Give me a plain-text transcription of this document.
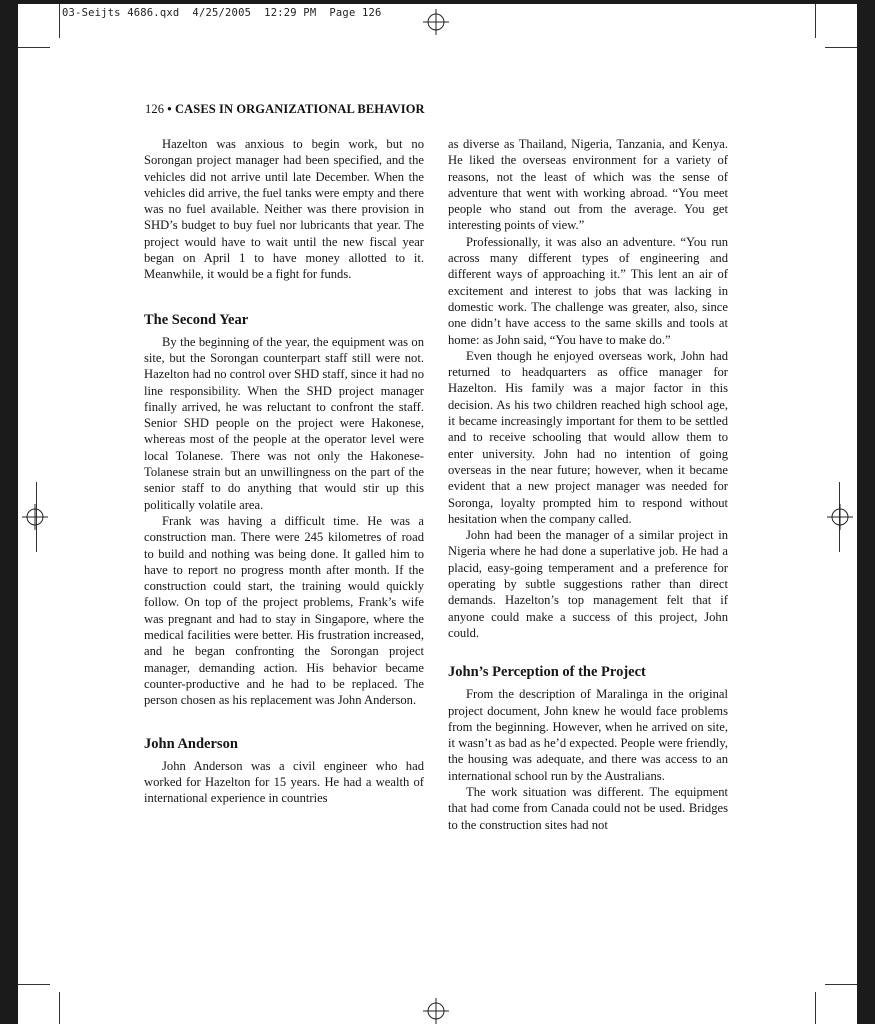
03-Seijts 4686.qxd  4/25/2005  12:29 PM  Page 126
126 • CASES IN ORGANIZATIONAL BEHAVIOR

Hazelton was anxious to begin work, but no Sorongan project manager had been specified, and the vehicles did not arrive until late December. When the vehicles did arrive, the fuel tanks were empty and there was no fuel available. Neither was there provision in SHD’s budget to buy fuel nor lubricants that year. The project would have to wait until the new fiscal year began on April 1 to have money allotted to it. Meanwhile, it would be a fight for funds.

The Second Year

By the beginning of the year, the equipment was on site, but the Sorongan counterpart staff still were not. Hazelton had no control over SHD staff, since it had no line responsibility. When the SHD project manager finally arrived, he was reluctant to confront the staff. Senior SHD people on the project were Hakonese, whereas most of the people at the operator level were local Tolanese. There was not only the Hakonese-Tolanese strain but an unwillingness on the part of the senior staff to do anything that would stir up this politically volatile area.

Frank was having a difficult time. He was a construction man. There were 245 kilometres of road to build and nothing was being done. It galled him to have to report no progress month after month. If the construction could start, the training would quickly follow. On top of the project problems, Frank’s wife was pregnant and had to stay in Singapore, where the medical facilities were better. His frustration increased, and he began confronting the Sorongan project manager, demanding action. His behavior became counter-productive and he had to be replaced. The person chosen as his replacement was John Anderson.

John Anderson

John Anderson was a civil engineer who had worked for Hazelton for 15 years. He had a wealth of international experience in countries

as diverse as Thailand, Nigeria, Tanzania, and Kenya. He liked the overseas environment for a variety of reasons, not the least of which was the sense of adventure that went with working abroad. “You meet people who stand out from the average. You get interesting points of view.”

Professionally, it was also an adventure. “You run across many different types of engineering and different ways of approaching it.” This lent an air of excitement and interest to jobs that was lacking in domestic work. The challenge was greater, also, since one didn’t have access to the same skills and tools at home: as John said, “You have to make do.”

Even though he enjoyed overseas work, John had returned to headquarters as office manager for Hazelton. His family was a major factor in this decision. As his two children reached high school age, it became increasingly important for them to be settled and to receive schooling that would allow them to enter university. John had no intention of going overseas in the near future; however, when it became evident that a new project manager was needed for Soronga, loyalty prompted him to respond without hesitation when the company called.

John had been the manager of a similar project in Nigeria where he had done a superlative job. He had a placid, easy-going temperament and a preference for operating by subtle suggestions rather than direct demands. Hazelton’s top management felt that if anyone could make a success of this project, John could.

John’s Perception of the Project

From the description of Maralinga in the original project document, John knew he would face problems from the beginning. However, when he arrived on site, it wasn’t as bad as he’d expected. People were friendly, the housing was adequate, and there was access to an international school run by the Australians.

The work situation was different. The equipment that had come from Canada could not be used. Bridges to the construction sites had not
